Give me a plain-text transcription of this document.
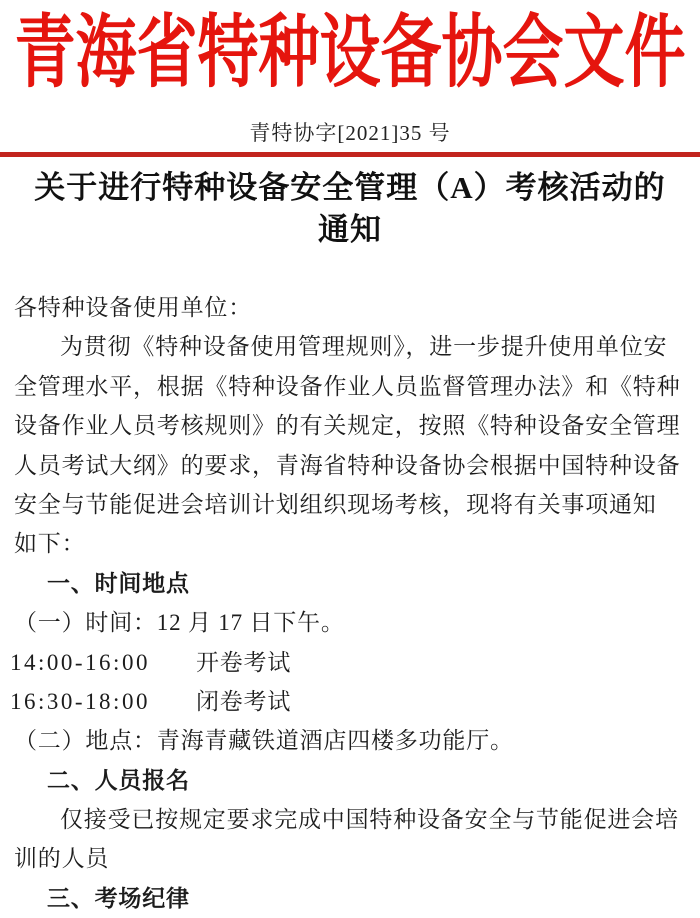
青海省特种设备协会文件
青特协字[2021]35 号
关于进行特种设备安全管理（A）考核活动的
通知
各特种设备使用单位：
为贯彻《特种设备使用管理规则》，进一步提升使用单位安
全管理水平，根据《特种设备作业人员监督管理办法》和《特种
设备作业人员考核规则》的有关规定，按照《特种设备安全管理
人员考试大纲》的要求，青海省特种设备协会根据中国特种设备
安全与节能促进会培训计划组织现场考核，现将有关事项通知
如下：
一、时间地点
（一）时间：12 月 17 日下午。
14:00-16:00 开卷考试
16:30-18:00 闭卷考试
（二）地点：青海青藏铁道酒店四楼多功能厅。
二、人员报名
仅接受已按规定要求完成中国特种设备安全与节能促进会培
训的人员
三、考场纪律
